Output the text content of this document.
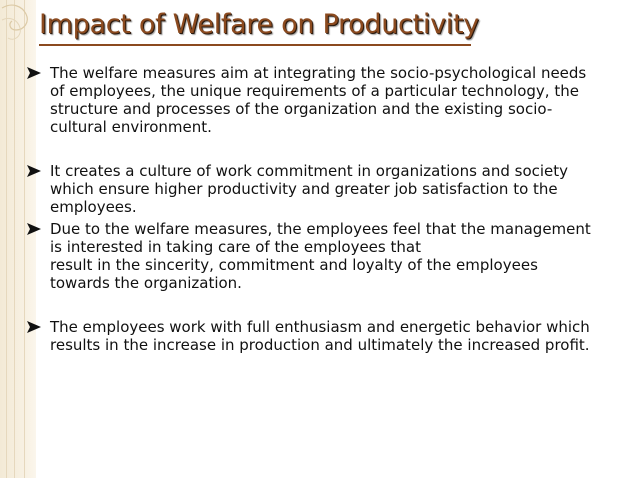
Impact of Welfare on Productivity
The welfare measures aim at integrating the socio-psychological needs
of employees, the unique requirements of a particular technology, the
structure and processes of the organization and the existing socio-
cultural environment.
It creates a culture of work commitment in organizations and society
which ensure higher productivity and greater job satisfaction to the
employees.
Due to the welfare measures, the employees feel that the management
is interested in taking care of the employees that
result in the sincerity, commitment and loyalty of the employees
towards the organization.
The employees work with full enthusiasm and energetic behavior which
results in the increase in production and ultimately the increased profit.
